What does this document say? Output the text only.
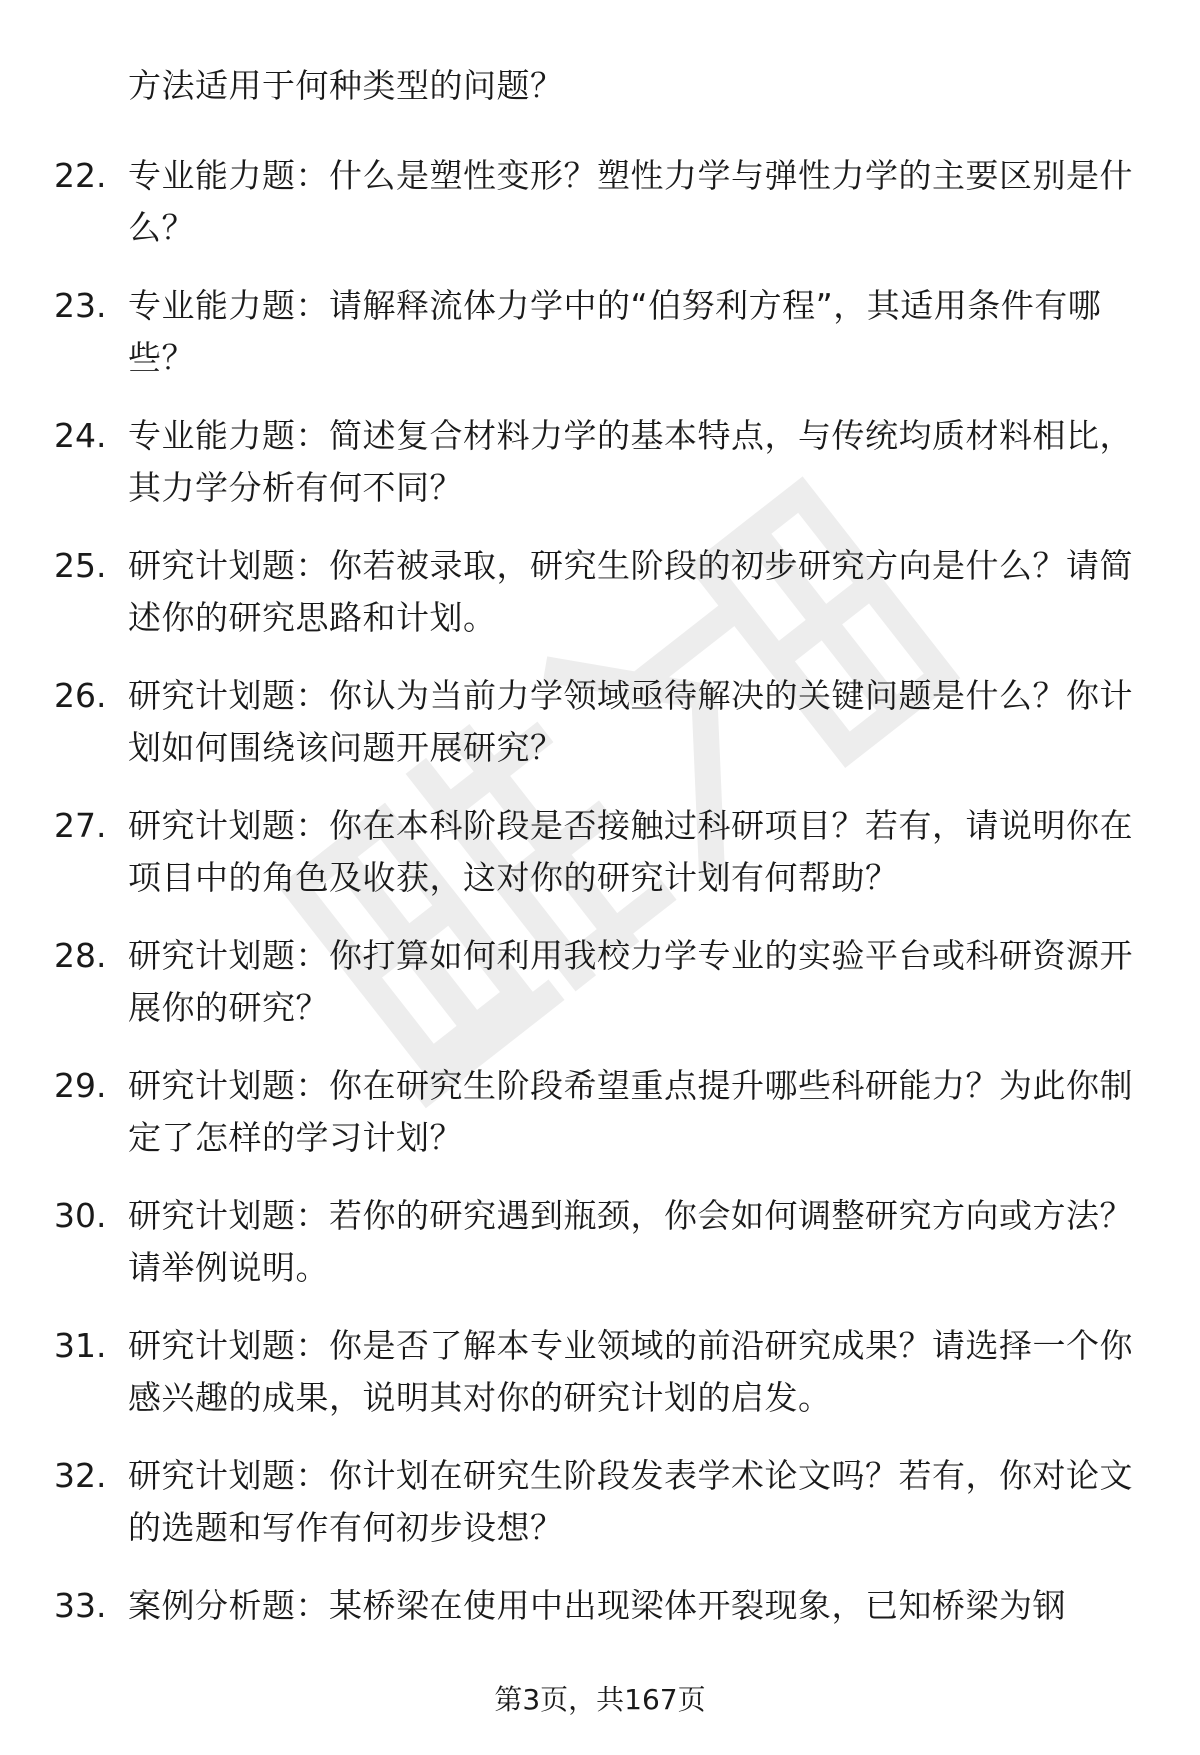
方法适用于何种类型的问题？
22. 专业能力题：什么是塑性变形？塑性力学与弹性力学的主要区别是什么？
23. 专业能力题：请解释流体力学中的“伯努利方程”，其适用条件有哪些？
24. 专业能力题：简述复合材料力学的基本特点，与传统均质材料相比，其力学分析有何不同？
25. 研究计划题：你若被录取，研究生阶段的初步研究方向是什么？请简述你的研究思路和计划。
26. 研究计划题：你认为当前力学领域亟待解决的关键问题是什么？你计划如何围绕该问题开展研究？
27. 研究计划题：你在本科阶段是否接触过科研项目？若有，请说明你在项目中的角色及收获，这对你的研究计划有何帮助？
28. 研究计划题：你打算如何利用我校力学专业的实验平台或科研资源开展你的研究？
29. 研究计划题：你在研究生阶段希望重点提升哪些科研能力？为此你制定了怎样的学习计划？
30. 研究计划题：若你的研究遇到瓶颈，你会如何调整研究方向或方法？请举例说明。
31. 研究计划题：你是否了解本专业领域的前沿研究成果？请选择一个你感兴趣的成果，说明其对你的研究计划的启发。
32. 研究计划题：你计划在研究生阶段发表学术论文吗？若有，你对论文的选题和写作有何初步设想？
33. 案例分析题：某桥梁在使用中出现梁体开裂现象，已知桥梁为钢
第3页，共167页
